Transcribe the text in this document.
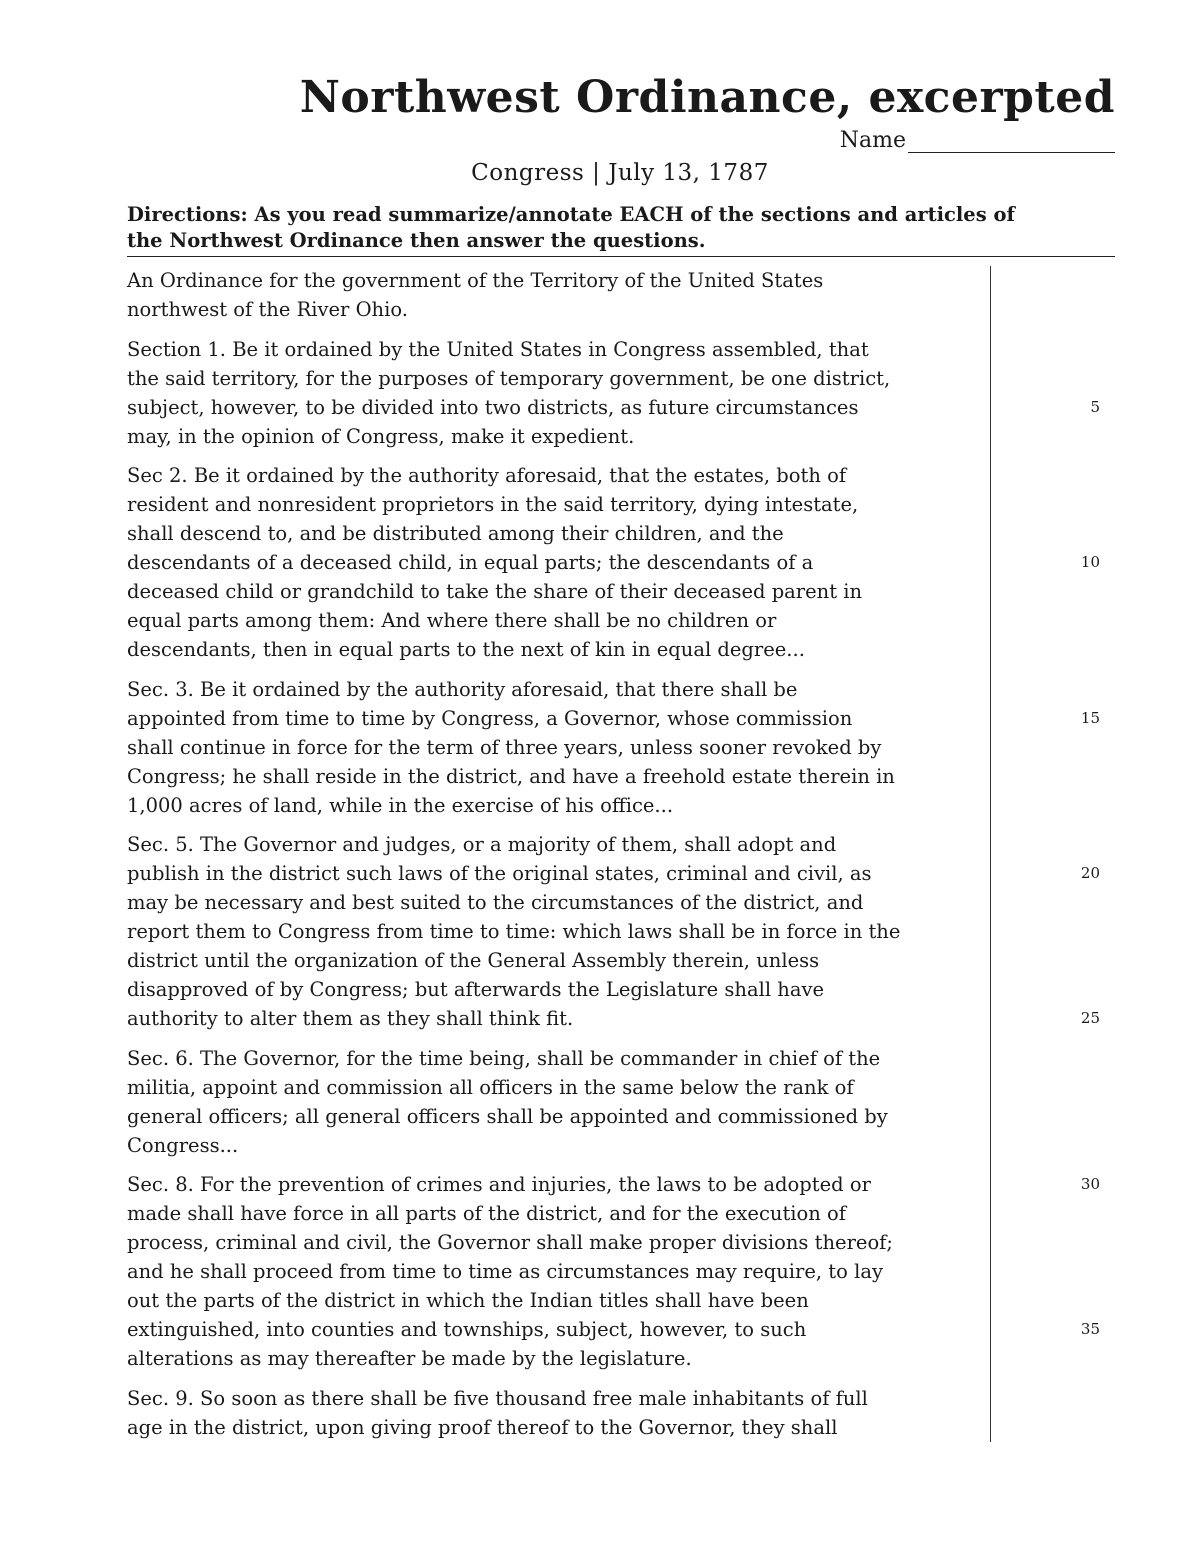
Northwest Ordinance, excerpted
Name
Congress | July 13, 1787
Directions: As you read summarize/annotate EACH of the sections and articles of
the Northwest Ordinance then answer the questions.
An Ordinance for the government of the Territory of the United States
northwest of the River Ohio.
Section 1. Be it ordained by the United States in Congress assembled, that
the said territory, for the purposes of temporary government, be one district,
subject, however, to be divided into two districts, as future circumstances
may, in the opinion of Congress, make it expedient.
Sec 2. Be it ordained by the authority aforesaid, that the estates, both of
resident and nonresident proprietors in the said territory, dying intestate,
shall descend to, and be distributed among their children, and the
descendants of a deceased child, in equal parts; the descendants of a
deceased child or grandchild to take the share of their deceased parent in
equal parts among them: And where there shall be no children or
descendants, then in equal parts to the next of kin in equal degree...
Sec. 3. Be it ordained by the authority aforesaid, that there shall be
appointed from time to time by Congress, a Governor, whose commission
shall continue in force for the term of three years, unless sooner revoked by
Congress; he shall reside in the district, and have a freehold estate therein in
1,000 acres of land, while in the exercise of his office...
Sec. 5. The Governor and judges, or a majority of them, shall adopt and
publish in the district such laws of the original states, criminal and civil, as
may be necessary and best suited to the circumstances of the district, and
report them to Congress from time to time: which laws shall be in force in the
district until the organization of the General Assembly therein, unless
disapproved of by Congress; but afterwards the Legislature shall have
authority to alter them as they shall think fit.
Sec. 6. The Governor, for the time being, shall be commander in chief of the
militia, appoint and commission all officers in the same below the rank of
general officers; all general officers shall be appointed and commissioned by
Congress...
Sec. 8. For the prevention of crimes and injuries, the laws to be adopted or
made shall have force in all parts of the district, and for the execution of
process, criminal and civil, the Governor shall make proper divisions thereof;
and he shall proceed from time to time as circumstances may require, to lay
out the parts of the district in which the Indian titles shall have been
extinguished, into counties and townships, subject, however, to such
alterations as may thereafter be made by the legislature.
Sec. 9. So soon as there shall be five thousand free male inhabitants of full
age in the district, upon giving proof thereof to the Governor, they shall
5
10
15
20
25
30
35
